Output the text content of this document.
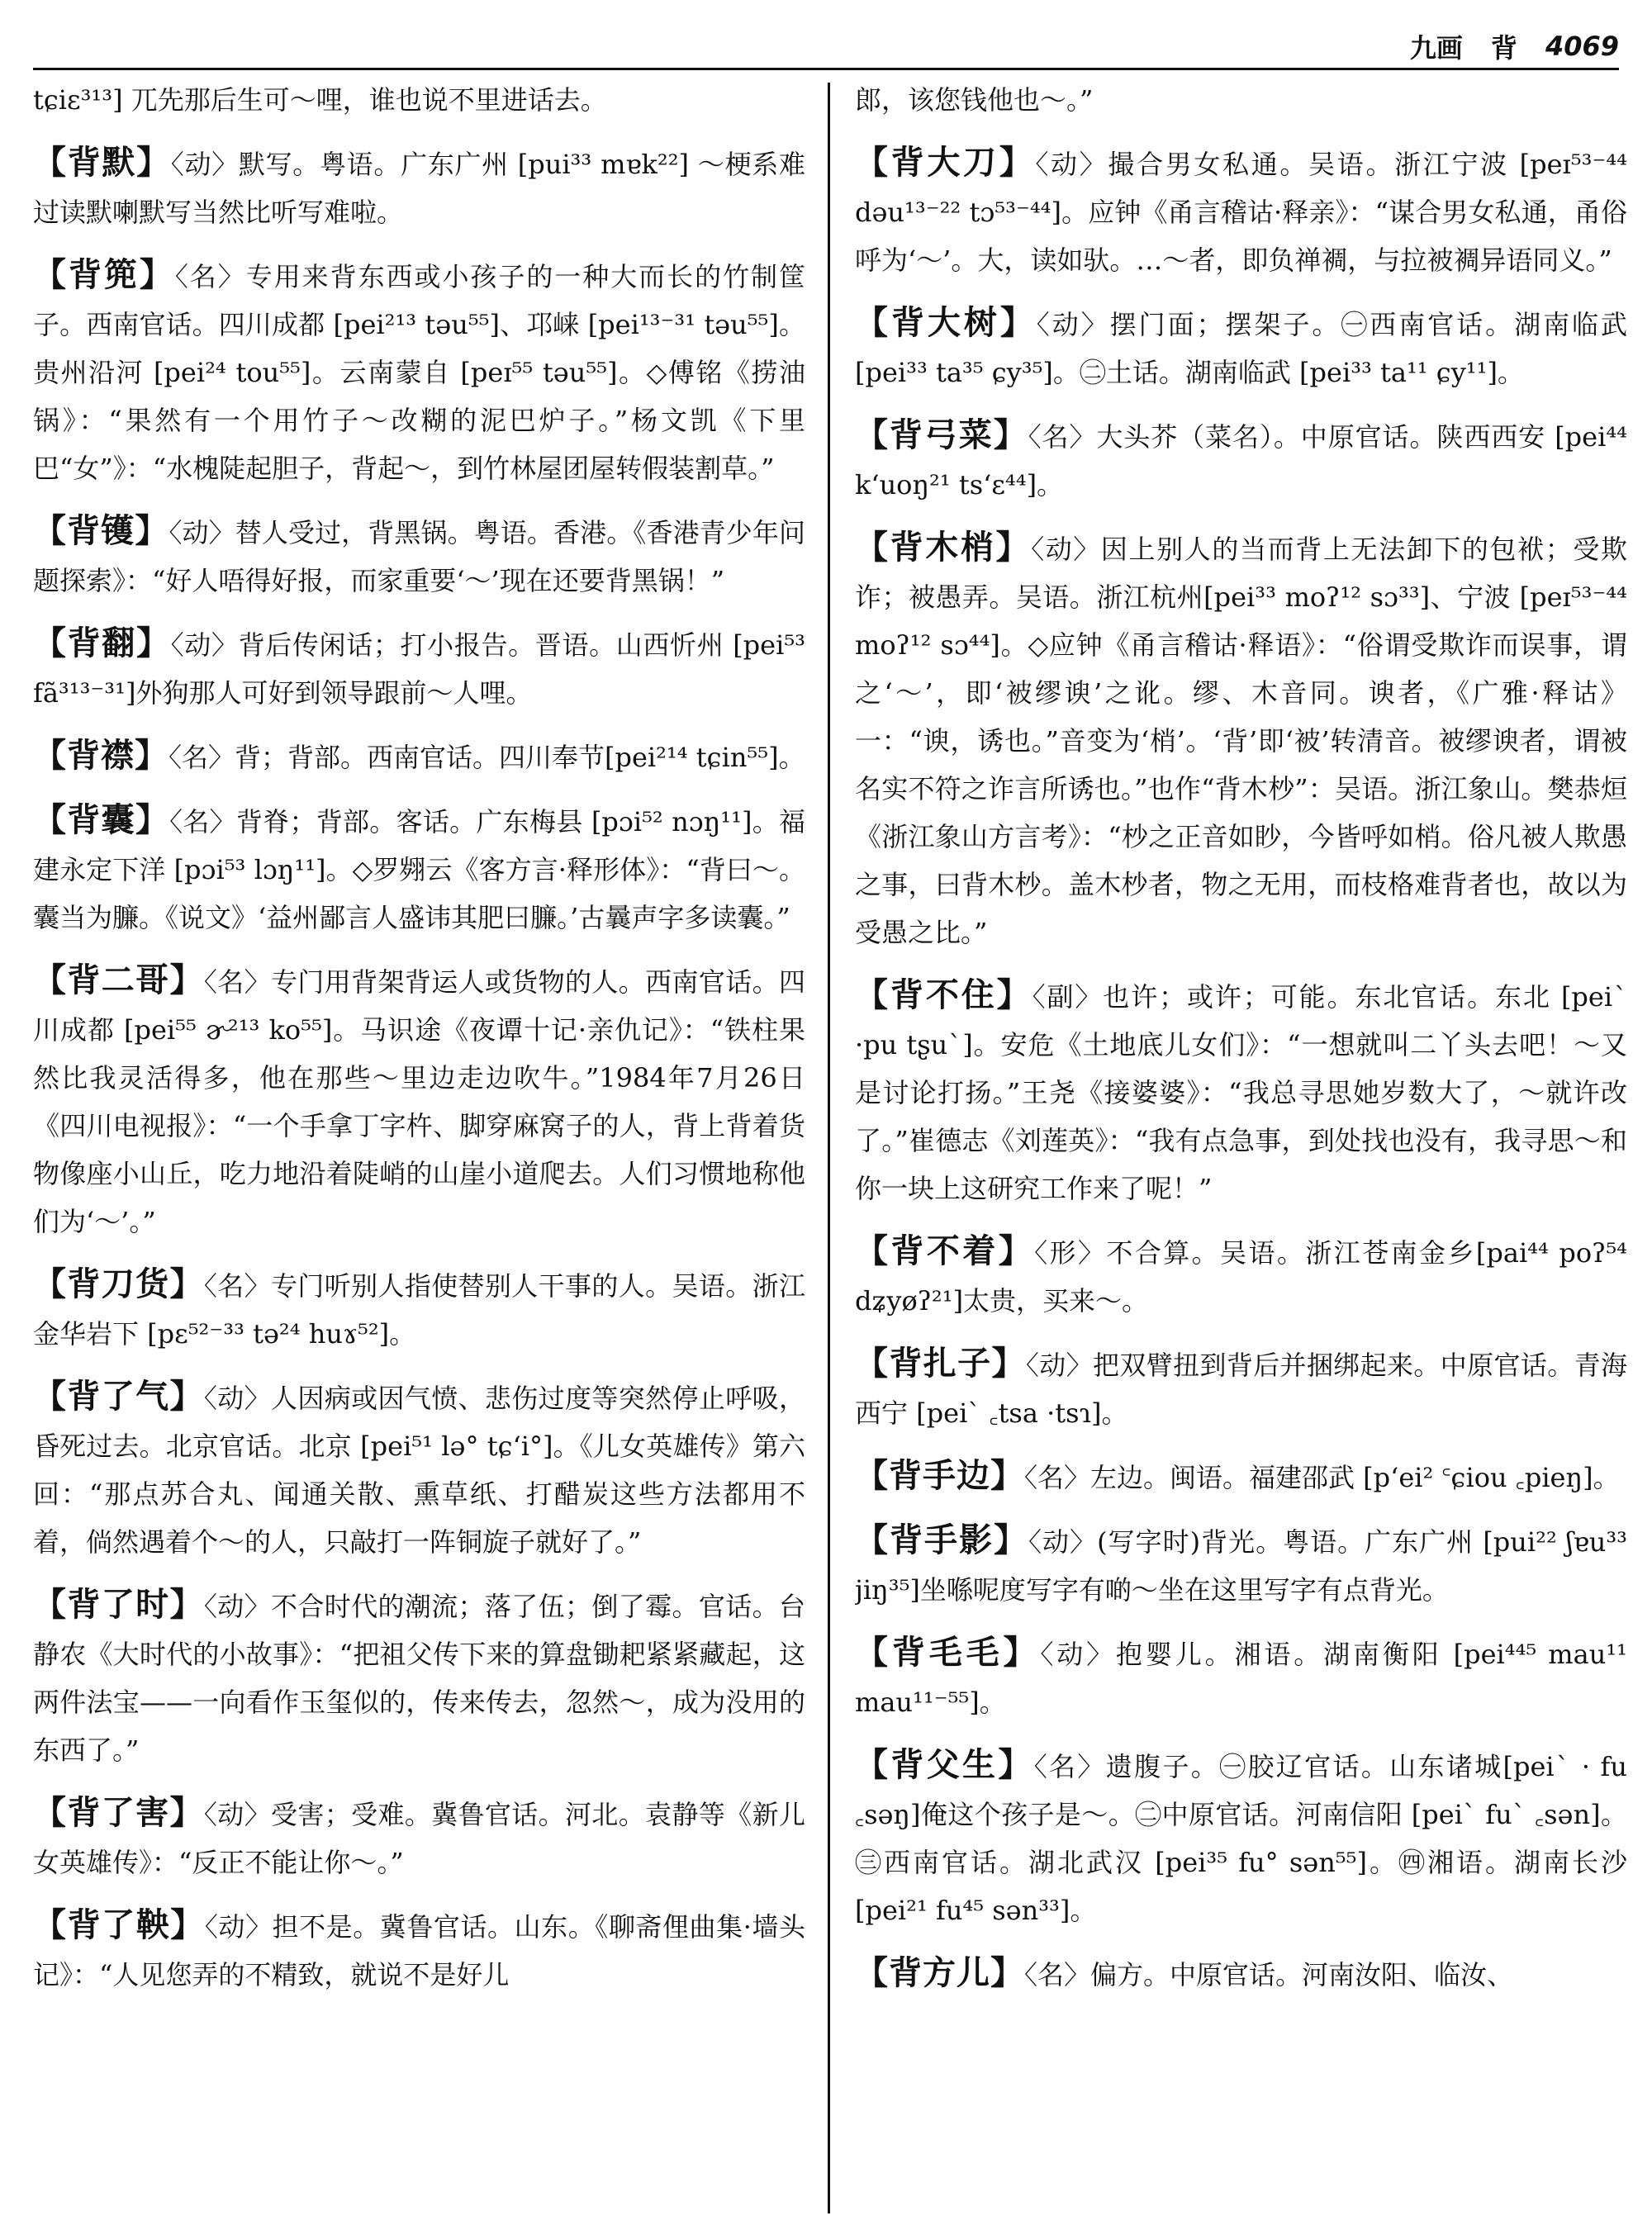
九画 背 4069

tɕiɛ³¹³] 兀先那后生可～哩，谁也说不里进话去。

【背默】〈动〉默写。粤语。广东广州 [pui³³ mɐk²²] ～梗系难过读默喇默写当然比听写难啦。

【背篼】〈名〉专用来背东西或小孩子的一种大而长的竹制筐子。西南官话。四川成都 [pei²¹³ təu⁵⁵]、邛崃 [pei¹³⁻³¹ təu⁵⁵]。贵州沿河 [pei²⁴ tou⁵⁵]。云南蒙自 [peɪ⁵⁵ təu⁵⁵]。◇傅铭《捞油锅》：“果然有一个用竹子～改糊的泥巴炉子。”杨文凯《下里巴“女”》：“水槐陡起胆子，背起～，到竹林屋团屋转假装割草。”

【背镬】〈动〉替人受过，背黑锅。粤语。香港。《香港青少年问题探索》：“好人唔得好报，而家重要‘～’现在还要背黑锅！”

【背翻】〈动〉背后传闲话；打小报告。晋语。山西忻州 [pei⁵³ fã³¹³⁻³¹]外狗那人可好到领导跟前～人哩。

【背襟】〈名〉背；背部。西南官话。四川奉节[pei²¹⁴ tɕin⁵⁵]。

【背囊】〈名〉背脊；背部。客话。广东梅县 [pɔi⁵² nɔŋ¹¹]。福建永定下洋 [pɔi⁵³ lɔŋ¹¹]。◇罗翙云《客方言·释形体》：“背曰～。囊当为臁。《说文》‘益州鄙言人盛讳其肥曰臁。’古曩声字多读囊。”

【背二哥】〈名〉专门用背架背运人或货物的人。西南官话。四川成都 [pei⁵⁵ ɚ²¹³ ko⁵⁵]。马识途《夜谭十记·亲仇记》：“铁柱果然比我灵活得多，他在那些～里边走边吹牛。”1984年7月26日《四川电视报》：“一个手拿丁字杵、脚穿麻窝子的人，背上背着货物像座小山丘，吃力地沿着陡峭的山崖小道爬去。人们习惯地称他们为‘～’。”

【背刀货】〈名〉专门听别人指使替别人干事的人。吴语。浙江金华岩下 [pɛ⁵²⁻³³ tə²⁴ huɤ⁵²]。

【背了气】〈动〉人因病或因气愤、悲伤过度等突然停止呼吸，昏死过去。北京官话。北京 [pei⁵¹ lə° tɕʻi°]。《儿女英雄传》第六回：“那点苏合丸、闻通关散、熏草纸、打醋炭这些方法都用不着，倘然遇着个～的人，只敲打一阵铜旋子就好了。”

【背了时】〈动〉不合时代的潮流；落了伍；倒了霉。官话。台静农《大时代的小故事》：“把祖父传下来的算盘锄耙紧紧藏起，这两件法宝——一向看作玉玺似的，传来传去，忽然～，成为没用的东西了。”

【背了害】〈动〉受害；受难。冀鲁官话。河北。袁静等《新儿女英雄传》：“反正不能让你～。”

【背了鞅】〈动〉担不是。冀鲁官话。山东。《聊斋俚曲集·墙头记》：“人见您弄的不精致，就说不是好儿

郎，该您钱他也～。”

【背大刀】〈动〉撮合男女私通。吴语。浙江宁波 [peɪ⁵³⁻⁴⁴ dəu¹³⁻²² tɔ⁵³⁻⁴⁴]。应钟《甬言稽诂·释亲》：“谋合男女私通，甬俗呼为‘～’。大，读如驮。…～者，即负禅裯，与拉被裯异语同义。”

【背大树】〈动〉摆门面；摆架子。㊀西南官话。湖南临武 [pei³³ ta³⁵ ɕy³⁵]。㊁土话。湖南临武 [pei³³ ta¹¹ ɕy¹¹]。

【背弓菜】〈名〉大头芥（菜名）。中原官话。陕西西安 [pei⁴⁴ kʻuoŋ²¹ tsʻɛ⁴⁴]。

【背木梢】〈动〉因上别人的当而背上无法卸下的包袱；受欺诈；被愚弄。吴语。浙江杭州[pei³³ moʔ¹² sɔ³³]、宁波 [peɪ⁵³⁻⁴⁴ moʔ¹² sɔ⁴⁴]。◇应钟《甬言稽诂·释语》：“俗谓受欺诈而误事，谓之‘～’，即‘被缪谀’之讹。缪、木音同。谀者，《广雅·释诂》一：“谀，诱也。”音变为‘梢’。‘背’即‘被’转清音。被缪谀者，谓被名实不符之诈言所诱也。”也作“背木杪”：吴语。浙江象山。樊恭烜《浙江象山方言考》：“杪之正音如眇，今皆呼如梢。俗凡被人欺愚之事，曰背木杪。盖木杪者，物之无用，而枝格难背者也，故以为受愚之比。”

【背不住】〈副〉也许；或许；可能。东北官话。东北 [peiˋ ·pu tʂuˋ]。安危《土地底儿女们》：“一想就叫二丫头去吧！～又是讨论打扬。”王尧《接婆婆》：“我总寻思她岁数大了，～就许改了。”崔德志《刘莲英》：“我有点急事，到处找也没有，我寻思～和你一块上这研究工作来了呢！”

【背不着】〈形〉不合算。吴语。浙江苍南金乡[pai⁴⁴ poʔ⁵⁴ dʑyøʔ²¹]太贵，买来～。

【背扎子】〈动〉把双臂扭到背后并捆绑起来。中原官话。青海西宁 [peiˋ ꜀tsa ·tsɿ]。

【背手边】〈名〉左边。闽语。福建邵武 [pʻei² ꜂ɕiou ꜀pieŋ]。

【背手影】〈动〉(写字时)背光。粤语。广东广州 [pui²² ʃɐu³³ jiŋ³⁵]坐喺呢度写字有啲～坐在这里写字有点背光。

【背毛毛】〈动〉抱婴儿。湘语。湖南衡阳 [pei⁴⁴⁵ mau¹¹ mau¹¹⁻⁵⁵]。

【背父生】〈名〉遗腹子。㊀胶辽官话。山东诸城[peiˋ · fu ꜀səŋ]俺这个孩子是～。㊁中原官话。河南信阳 [peiˋ fuˋ ꜀sən]。㊂西南官话。湖北武汉 [pei³⁵ fu° sən⁵⁵]。㊃湘语。湖南长沙 [pei²¹ fu⁴⁵ sən³³]。

【背方儿】〈名〉偏方。中原官话。河南汝阳、临汝、
